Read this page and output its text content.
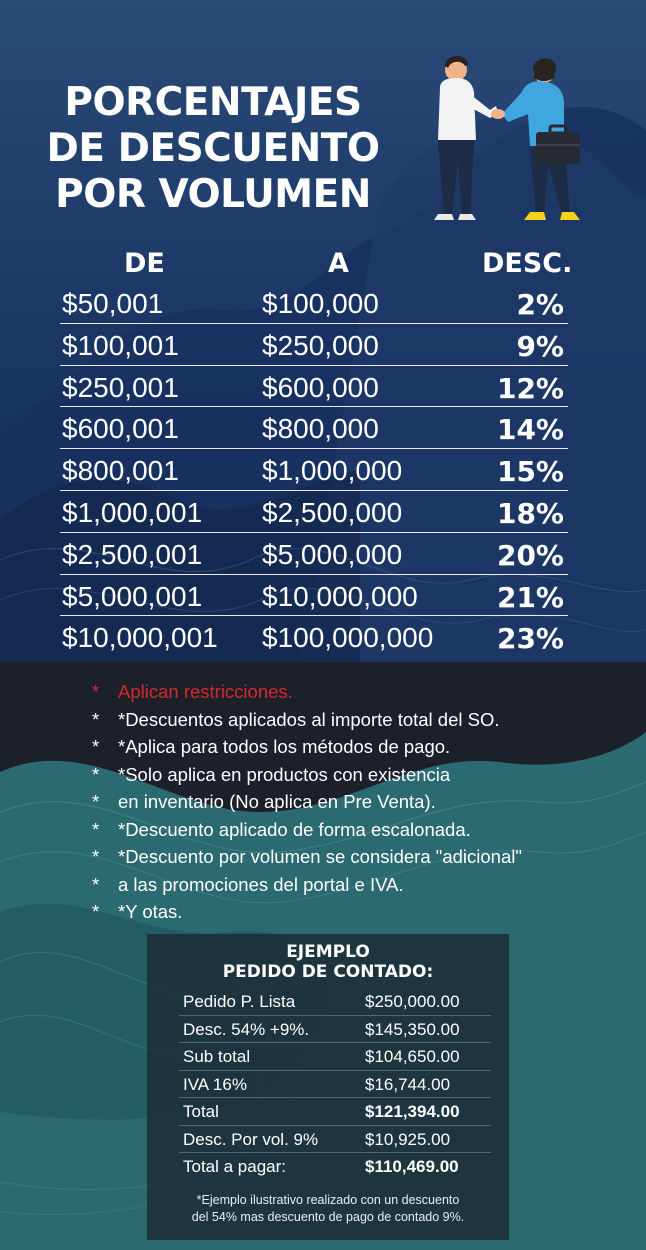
PORCENTAJES
DE DESCUENTO
POR VOLUMEN
DE	A	DESC.
$50,001	$100,000	2%
$100,001	$250,000	9%
$250,001	$600,000	12%
$600,001	$800,000	14%
$800,001	$1,000,000	15%
$1,000,001 $2,500,000	18%
$2,500,001 $5,000,000	20%
$5,000,001 $10,000,000	21%
$10,000,001 $100,000,000 23%
* Aplican restricciones.
* *Descuentos aplicados al importe total del SO.
* *Aplica para todos los métodos de pago.
* *Solo aplica en productos con existencia
* en inventario (No aplica en Pre Venta).
* *Descuento aplicado de forma escalonada.
* *Descuento por volumen se considera "adicional"
* a las promociones del portal e IVA.
* *Y otas.
EJEMPLO
PEDIDO DE CONTADO:
Pedido P. Lista	$250,000.00
Desc. 54% +9%.	$145,350.00
Sub total	$104,650.00
IVA 16%	$16,744.00
Total	$121,394.00
Desc. Por vol. 9%	$10,925.00
Total a pagar:	$110,469.00
*Ejemplo ilustrativo realizado con un descuento
del 54% mas descuento de pago de contado 9%.
